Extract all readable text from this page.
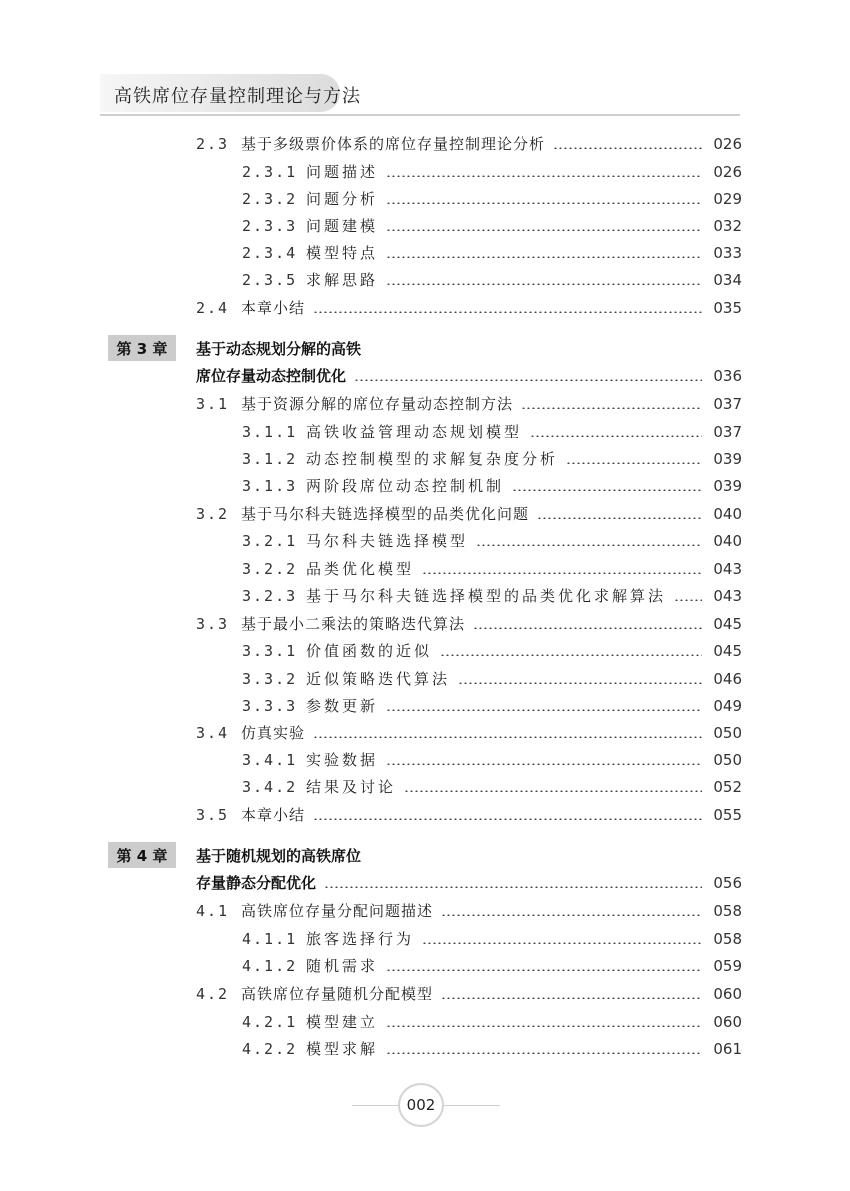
高铁席位存量控制理论与方法
2.3 基于多级票价体系的席位存量控制理论分析	026
2.3.1 问题描述	026
2.3.2 问题分析	029
2.3.3 问题建模	032
2.3.4 模型特点	033
2.3.5 求解思路	034
2.4 本章小结	035
第 3 章	基于动态规划分解的高铁
席位存量动态控制优化	036
3.1 基于资源分解的席位存量动态控制方法	037
3.1.1 高铁收益管理动态规划模型	037
3.1.2 动态控制模型的求解复杂度分析	039
3.1.3 两阶段席位动态控制机制	039
3.2 基于马尔科夫链选择模型的品类优化问题	040
3.2.1 马尔科夫链选择模型	040
3.2.2 品类优化模型	043
3.2.3 基于马尔科夫链选择模型的品类优化求解算法	043
3.3 基于最小二乘法的策略迭代算法	045
3.3.1 价值函数的近似	045
3.3.2 近似策略迭代算法	046
3.3.3 参数更新	049
3.4 仿真实验	050
3.4.1 实验数据	050
3.4.2 结果及讨论	052
3.5 本章小结	055
第 4 章	基于随机规划的高铁席位
存量静态分配优化	056
4.1 高铁席位存量分配问题描述	058
4.1.1 旅客选择行为	058
4.1.2 随机需求	059
4.2 高铁席位存量随机分配模型	060
4.2.1 模型建立	060
4.2.2 模型求解	061
002
